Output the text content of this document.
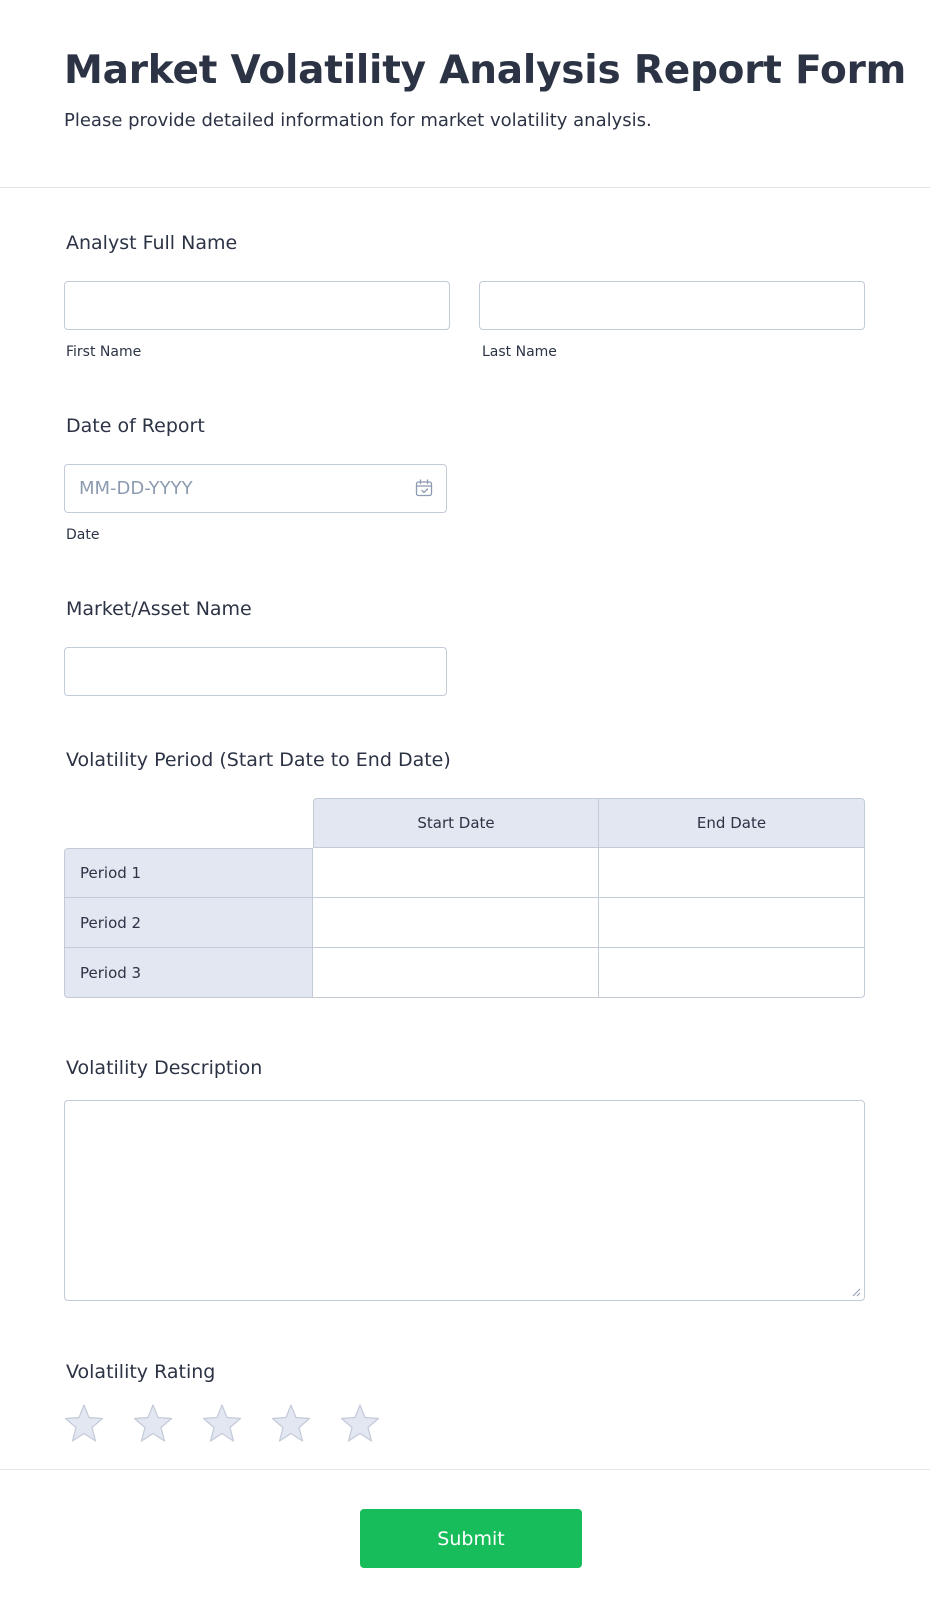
Market Volatility Analysis Report Form

Please provide detailed information for market volatility analysis.

Analyst Full Name
First Name	Last Name
Date of Report
MM-DD-YYYY
Date
Market/Asset Name
Volatility Period (Start Date to End Date)
Start Date	End Date
Period 1
Period 2
Period 3
Volatility Description
Volatility Rating
Submit
